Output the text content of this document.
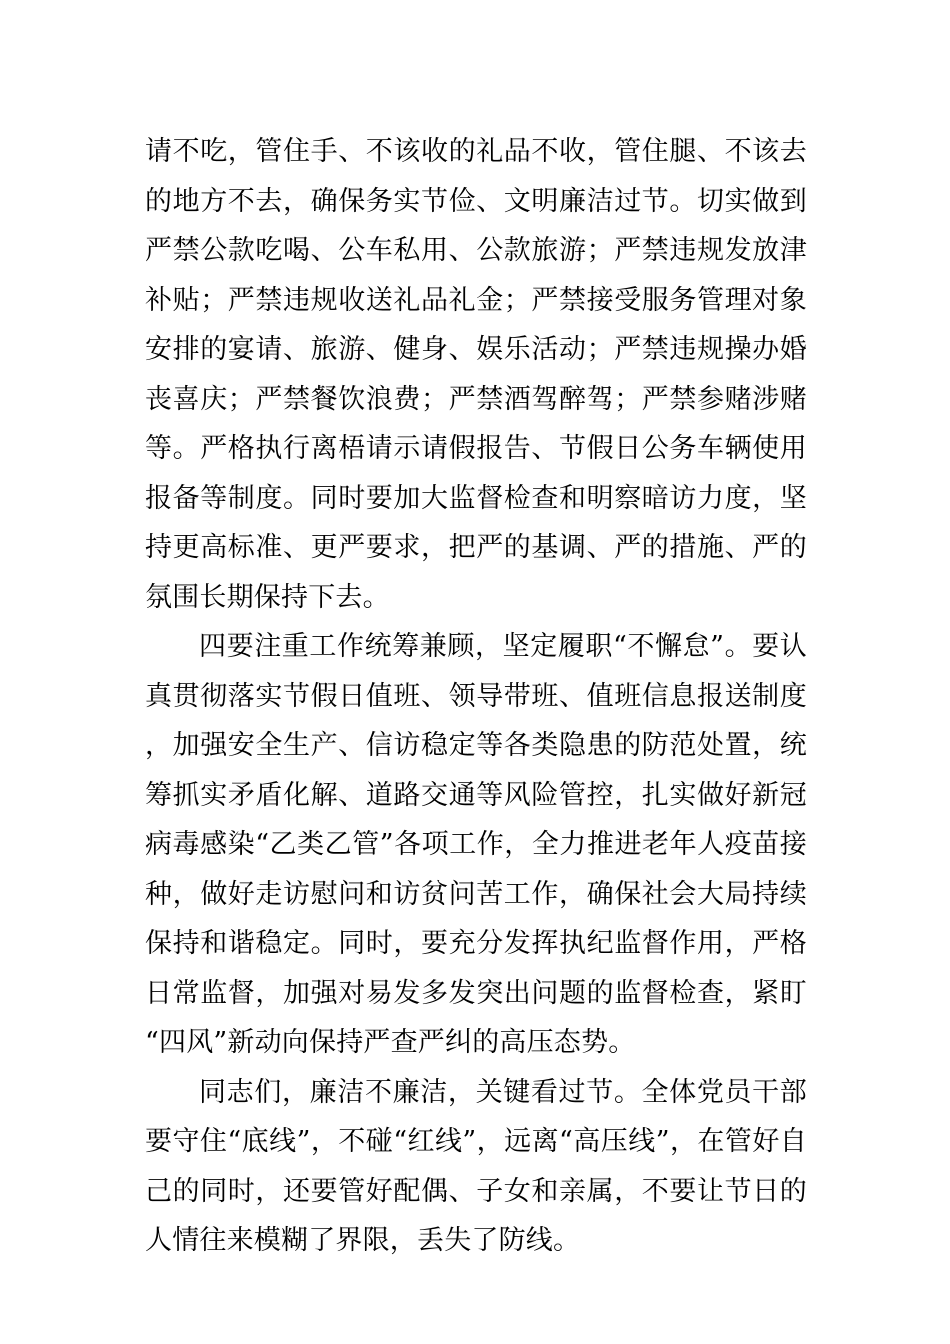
请不吃，管住手、不该收的礼品不收，管住腿、不该去的地方不去，确保务实节俭、文明廉洁过节。切实做到严禁公款吃喝、公车私用、公款旅游；严禁违规发放津补贴；严禁违规收送礼品礼金；严禁接受服务管理对象安排的宴请、旅游、健身、娱乐活动；严禁违规操办婚丧喜庆；严禁餐饮浪费；严禁酒驾醉驾；严禁参赌涉赌等。严格执行离梧请示请假报告、节假日公务车辆使用报备等制度。同时要加大监督检查和明察暗访力度，坚持更高标准、更严要求，把严的基调、严的措施、严的氛围长期保持下去。

四要注重工作统筹兼顾，坚定履职“不懈怠”。要认真贯彻落实节假日值班、领导带班、值班信息报送制度，加强安全生产、信访稳定等各类隐患的防范处置，统筹抓实矛盾化解、道路交通等风险管控，扎实做好新冠病毒感染“乙类乙管”各项工作，全力推进老年人疫苗接种，做好走访慰问和访贫问苦工作，确保社会大局持续保持和谐稳定。同时，要充分发挥执纪监督作用，严格日常监督，加强对易发多发突出问题的监督检查，紧盯“四风”新动向保持严查严纠的高压态势。

同志们，廉洁不廉洁，关键看过节。全体党员干部要守住“底线”，不碰“红线”，远离“高压线”，在管好自己的同时，还要管好配偶、子女和亲属，不要让节日的人情往来模糊了界限，丢失了防线。
